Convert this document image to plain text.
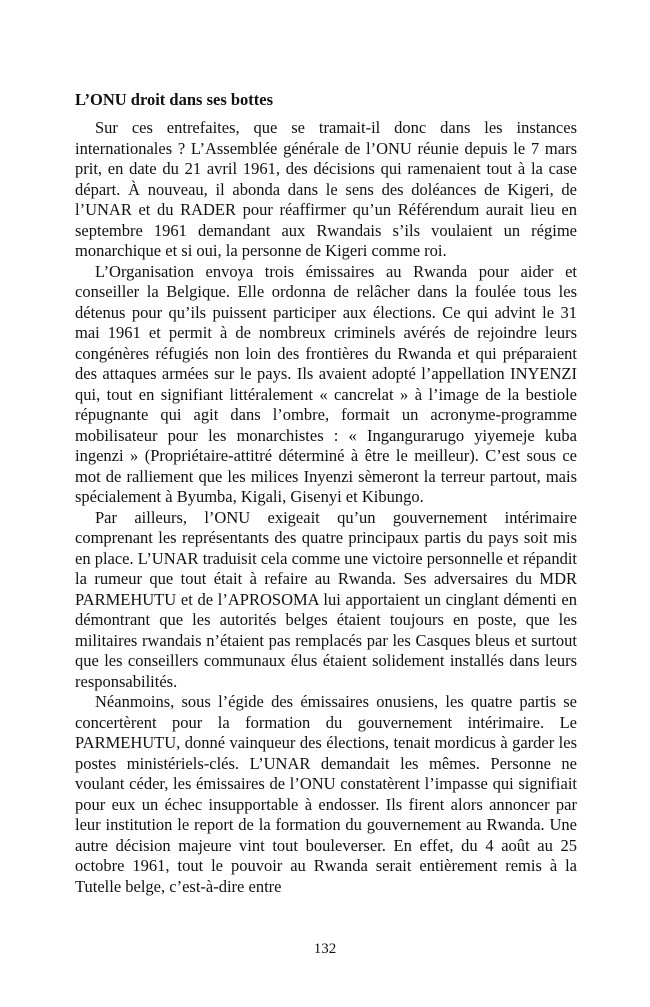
L’ONU droit dans ses bottes

Sur ces entrefaites, que se tramait-il donc dans les instances internationales ? L’Assemblée générale de l’ONU réunie depuis le 7 mars prit, en date du 21 avril 1961, des décisions qui ramenaient tout à la case départ. À nouveau, il abonda dans le sens des doléances de Kigeri, de l’UNAR et du RADER pour réaffirmer qu’un Référendum aurait lieu en septembre 1961 demandant aux Rwandais s’ils voulaient un régime monarchique et si oui, la personne de Kigeri comme roi.

L’Organisation envoya trois émissaires au Rwanda pour aider et conseiller la Belgique. Elle ordonna de relâcher dans la foulée tous les détenus pour qu’ils puissent participer aux élections. Ce qui advint le 31 mai 1961 et permit à de nombreux criminels avérés de rejoindre leurs congénères réfugiés non loin des frontières du Rwanda et qui préparaient des attaques armées sur le pays. Ils avaient adopté l’appellation INYENZI qui, tout en signifiant littéralement « cancrelat » à l’image de la bestiole répugnante qui agit dans l’ombre, formait un acronyme-programme mobilisateur pour les monarchistes : « Ingangurarugo yiyemeje kuba ingenzi » (Propriétaire-attitré déterminé à être le meilleur). C’est sous ce mot de ralliement que les milices Inyenzi sèmeront la terreur partout, mais spécialement à Byumba, Kigali, Gisenyi et Kibungo.

Par ailleurs, l’ONU exigeait qu’un gouvernement intérimaire comprenant les représentants des quatre principaux partis du pays soit mis en place. L’UNAR traduisit cela comme une victoire personnelle et répandit la rumeur que tout était à refaire au Rwanda. Ses adversaires du MDR PARMEHUTU et de l’APROSOMA lui apportaient un cinglant démenti en démontrant que les autorités belges étaient toujours en poste, que les militaires rwandais n’étaient pas remplacés par les Casques bleus et surtout que les conseillers communaux élus étaient solidement installés dans leurs responsabilités.

Néanmoins, sous l’égide des émissaires onusiens, les quatre partis se concertèrent pour la formation du gouvernement intérimaire. Le PARMEHUTU, donné vainqueur des élections, tenait mordicus à garder les postes ministériels-clés. L’UNAR demandait les mêmes. Personne ne voulant céder, les émissaires de l’ONU constatèrent l’impasse qui signifiait pour eux un échec insupportable à endosser. Ils firent alors annoncer par leur institution le report de la formation du gouvernement au Rwanda. Une autre décision majeure vint tout bouleverser. En effet, du 4 août au 25 octobre 1961, tout le pouvoir au Rwanda serait entièrement remis à la Tutelle belge, c’est-à-dire entre

132
